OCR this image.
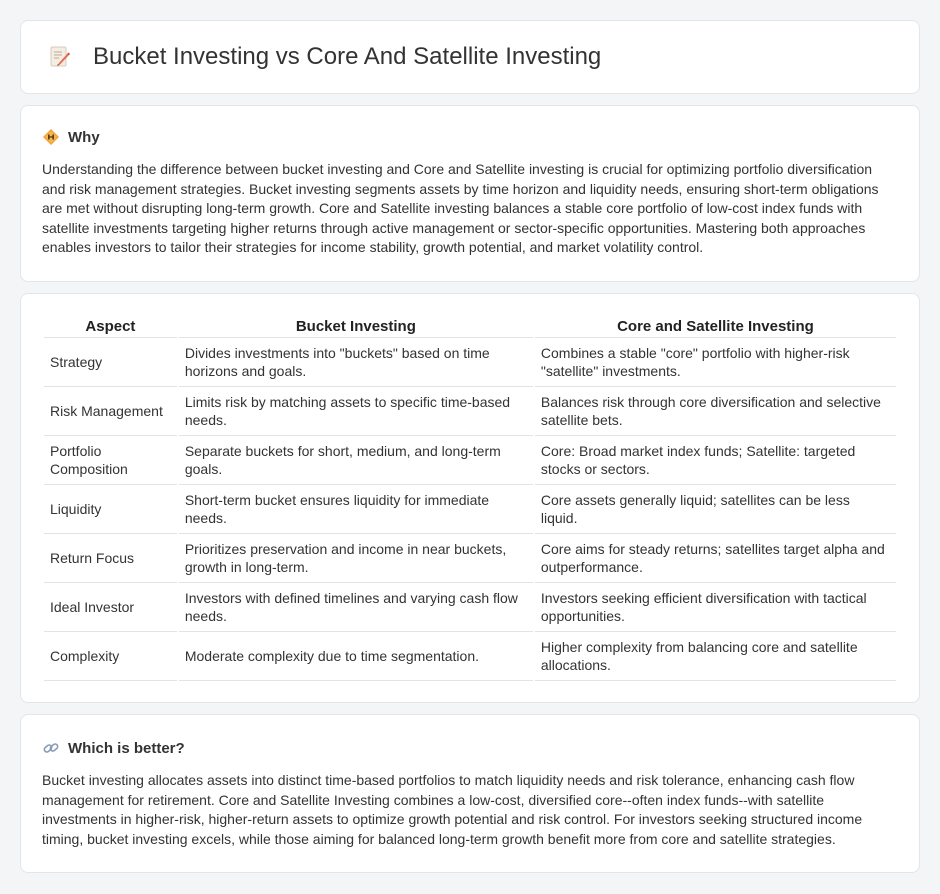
Bucket Investing vs Core And Satellite Investing
Why

Understanding the difference between bucket investing and Core and Satellite investing is crucial for optimizing portfolio diversification and risk management strategies. Bucket investing segments assets by time horizon and liquidity needs, ensuring short-term obligations are met without disrupting long-term growth. Core and Satellite investing balances a stable core portfolio of low-cost index funds with satellite investments targeting higher returns through active management or sector-specific opportunities. Mastering both approaches enables investors to tailor their strategies for income stability, growth potential, and market volatility control.

Aspect	Bucket Investing	Core and Satellite Investing
Strategy	Divides investments into "buckets" based on time horizons and goals.	Combines a stable "core" portfolio with higher-risk "satellite" investments.
Risk Management	Limits risk by matching assets to specific time-based needs.	Balances risk through core diversification and selective satellite bets.
Portfolio Composition	Separate buckets for short, medium, and long-term goals.	Core: Broad market index funds; Satellite: targeted stocks or sectors.
Liquidity	Short-term bucket ensures liquidity for immediate needs.	Core assets generally liquid; satellites can be less liquid.
Return Focus	Prioritizes preservation and income in near buckets, growth in long-term.	Core aims for steady returns; satellites target alpha and outperformance.
Ideal Investor	Investors with defined timelines and varying cash flow needs.	Investors seeking efficient diversification with tactical opportunities.
Complexity	Moderate complexity due to time segmentation.	Higher complexity from balancing core and satellite allocations.
Which is better?

Bucket investing allocates assets into distinct time-based portfolios to match liquidity needs and risk tolerance, enhancing cash flow management for retirement. Core and Satellite Investing combines a low-cost, diversified core--often index funds--with satellite investments in higher-risk, higher-return assets to optimize growth potential and risk control. For investors seeking structured income timing, bucket investing excels, while those aiming for balanced long-term growth benefit more from core and satellite strategies.
